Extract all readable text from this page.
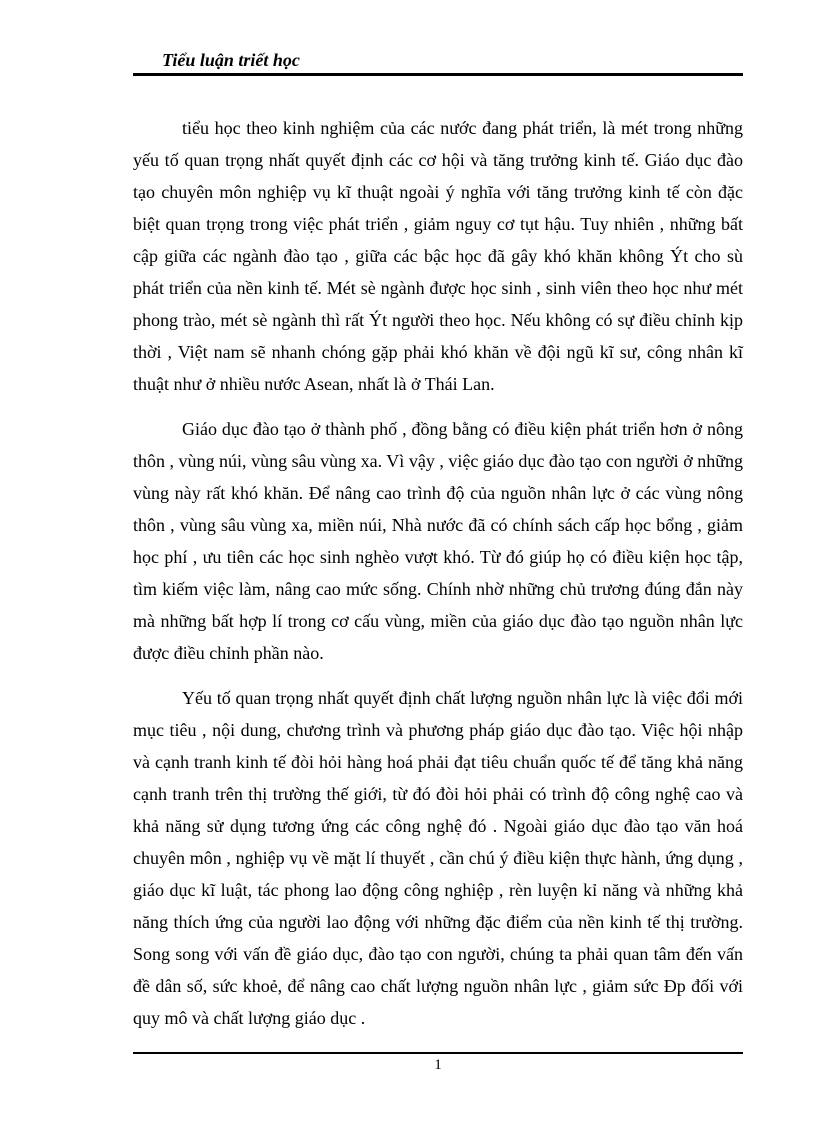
Tiểu luận triết học

tiểu học theo kinh nghiệm của các nước đang phát triển, là mét trong những yếu tố quan trọng nhất quyết định các cơ hội và tăng trưởng kinh tế. Giáo dục đào tạo chuyên môn nghiệp vụ kĩ thuật ngoài ý nghĩa với tăng trưởng kinh tế còn đặc biệt quan trọng trong việc phát triển , giảm nguy cơ tụt hậu. Tuy nhiên , những bất cập giữa các ngành đào tạo , giữa các bậc học đã gây khó khăn không Ýt cho sù phát triển của nền kinh tế. Mét sè ngành được học sinh , sinh viên theo học như mét phong trào, mét sè ngành thì rất Ýt người theo học. Nếu không có sự điều chỉnh kịp thời , Việt nam sẽ nhanh chóng gặp phải khó khăn về đội ngũ kĩ sư, công nhân kĩ thuật như ở nhiều nước Asean, nhất là ở Thái Lan.

Giáo dục đào tạo ở thành phố , đồng bằng có điều kiện phát triển hơn ở nông thôn , vùng núi, vùng sâu vùng xa. Vì vậy , việc giáo dục đào tạo con người ở những vùng này rất khó khăn. Để nâng cao trình độ của nguồn nhân lực ở các vùng nông thôn , vùng sâu vùng xa, miền núi, Nhà nước đã có chính sách cấp học bổng , giảm học phí , ưu tiên các học sinh nghèo vượt khó. Từ đó giúp họ có điều kiện học tập, tìm kiếm việc làm, nâng cao mức sống. Chính nhờ những chủ trương đúng đắn này mà những bất hợp lí trong cơ cấu vùng, miền của giáo dục đào tạo nguồn nhân lực được điều chỉnh phần nào.

Yếu tố quan trọng nhất quyết định chất lượng nguồn nhân lực là việc đổi mới mục tiêu , nội dung, chương trình và phương pháp giáo dục đào tạo. Việc hội nhập và cạnh tranh kinh tế đòi hỏi hàng hoá phải đạt tiêu chuẩn quốc tế để tăng khả năng cạnh tranh trên thị trường thế giới, từ đó đòi hỏi phải có trình độ công nghệ cao và khả năng sử dụng tương ứng các công nghệ đó . Ngoài giáo dục đào tạo văn hoá chuyên môn , nghiệp vụ về mặt lí thuyết , cần chú ý điều kiện thực hành, ứng dụng , giáo dục kĩ luật, tác phong lao động công nghiệp , rèn luyện kỉ năng và những khả năng thích ứng của người lao động với những đặc điểm của nền kinh tế thị trường. Song song với vấn đề giáo dục, đào tạo con người, chúng ta phải quan tâm đến vấn đề dân số, sức khoẻ, để nâng cao chất lượng nguồn nhân lực , giảm sức Ðp đối với quy mô và chất lượng giáo dục .

1
